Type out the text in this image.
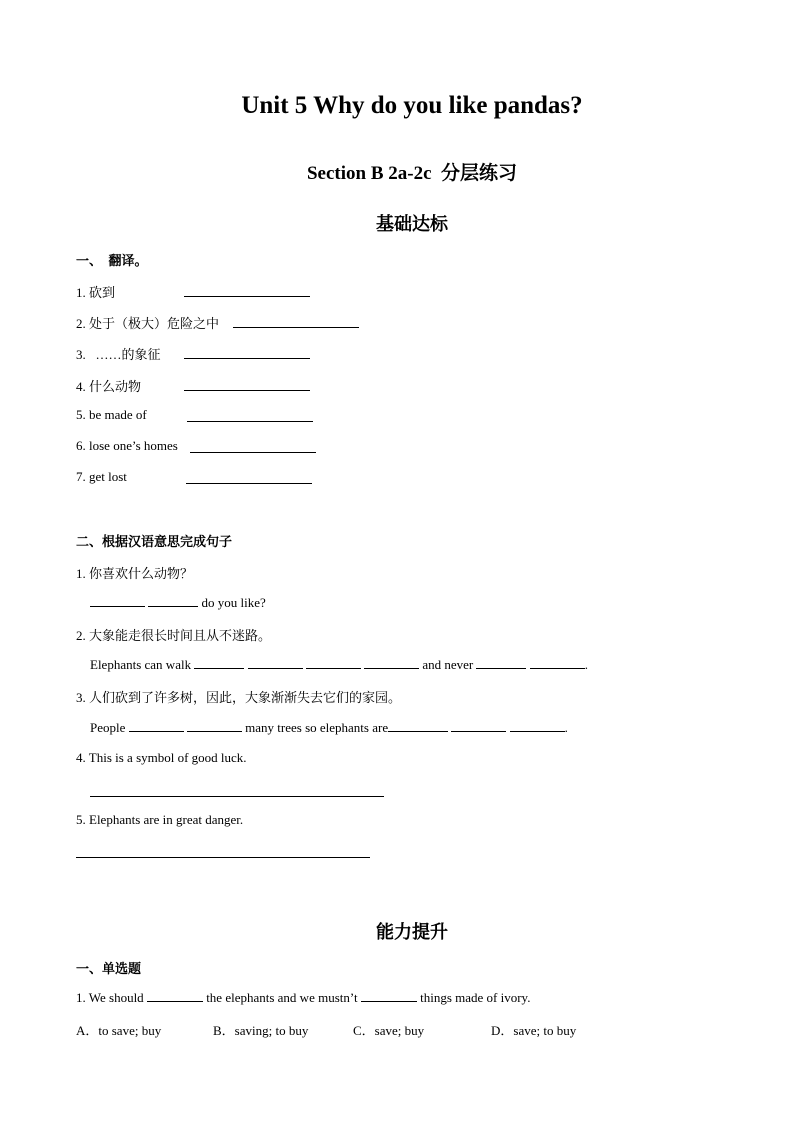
Unit 5 Why do you like pandas?
Section B 2a-2c  分层练习
基础达标
一、  翻译。
1. 砍到
2. 处于（极大）危险之中
3.   ……的象征
4. 什么动物
5. be made of
6. lose one’s homes
7. get lost
二、根据汉语意思完成句子
1. 你喜欢什么动物？
do you like?
2. 大象能走很长时间且从不迷路。
Elephants can walk	and never	.
3. 人们砍到了许多树，因此，大象渐渐失去它们的家园。
People	many trees so elephants are	.
4. This is a symbol of good luck.
5. Elephants are in great danger.
能力提升
一、单选题
1. We should	the elephants and we mustn’t	things made of ivory.
A．to save; buy	B．saving; to buy	C．save; buy	D．save; to buy
